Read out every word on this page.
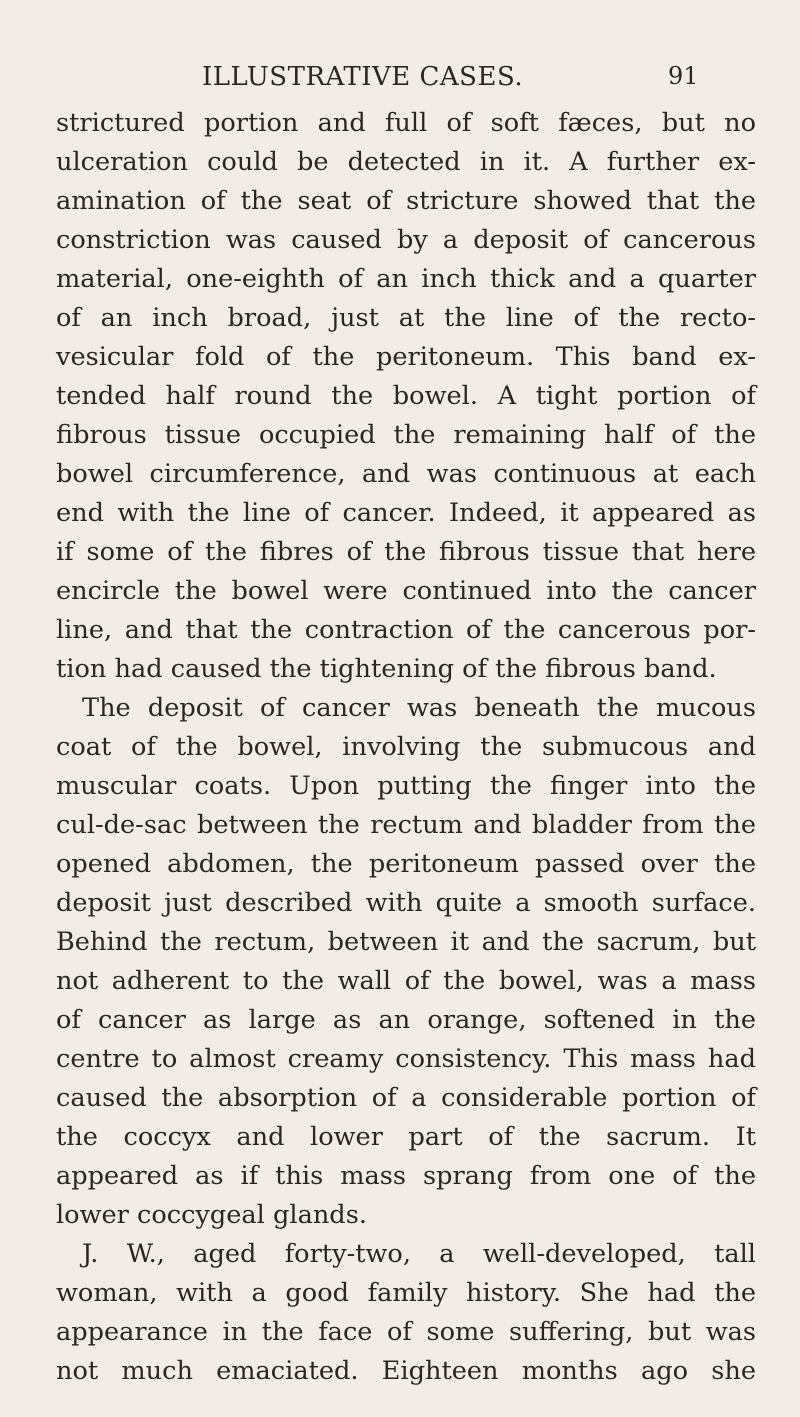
ILLUSTRATIVE CASES.	91
strictured portion and full of soft fæces, but no
ulceration could be detected in it. A further ex-
amination of the seat of stricture showed that the
constriction was caused by a deposit of cancerous
material, one-eighth of an inch thick and a quarter
of an inch broad, just at the line of the recto-
vesicular fold of the peritoneum. This band ex-
tended half round the bowel. A tight portion of
fibrous tissue occupied the remaining half of the
bowel circumference, and was continuous at each
end with the line of cancer. Indeed, it appeared as
if some of the fibres of the fibrous tissue that here
encircle the bowel were continued into the cancer
line, and that the contraction of the cancerous por-
tion had caused the tightening of the fibrous band.
The deposit of cancer was beneath the mucous
coat of the bowel, involving the submucous and
muscular coats. Upon putting the finger into the
cul-de-sac between the rectum and bladder from the
opened abdomen, the peritoneum passed over the
deposit just described with quite a smooth surface.
Behind the rectum, between it and the sacrum, but
not adherent to the wall of the bowel, was a mass
of cancer as large as an orange, softened in the
centre to almost creamy consistency. This mass had
caused the absorption of a considerable portion of
the coccyx and lower part of the sacrum. It
appeared as if this mass sprang from one of the
lower coccygeal glands.
J. W., aged forty-two, a well-developed, tall
woman, with a good family history. She had the
appearance in the face of some suffering, but was
not much emaciated. Eighteen months ago she
